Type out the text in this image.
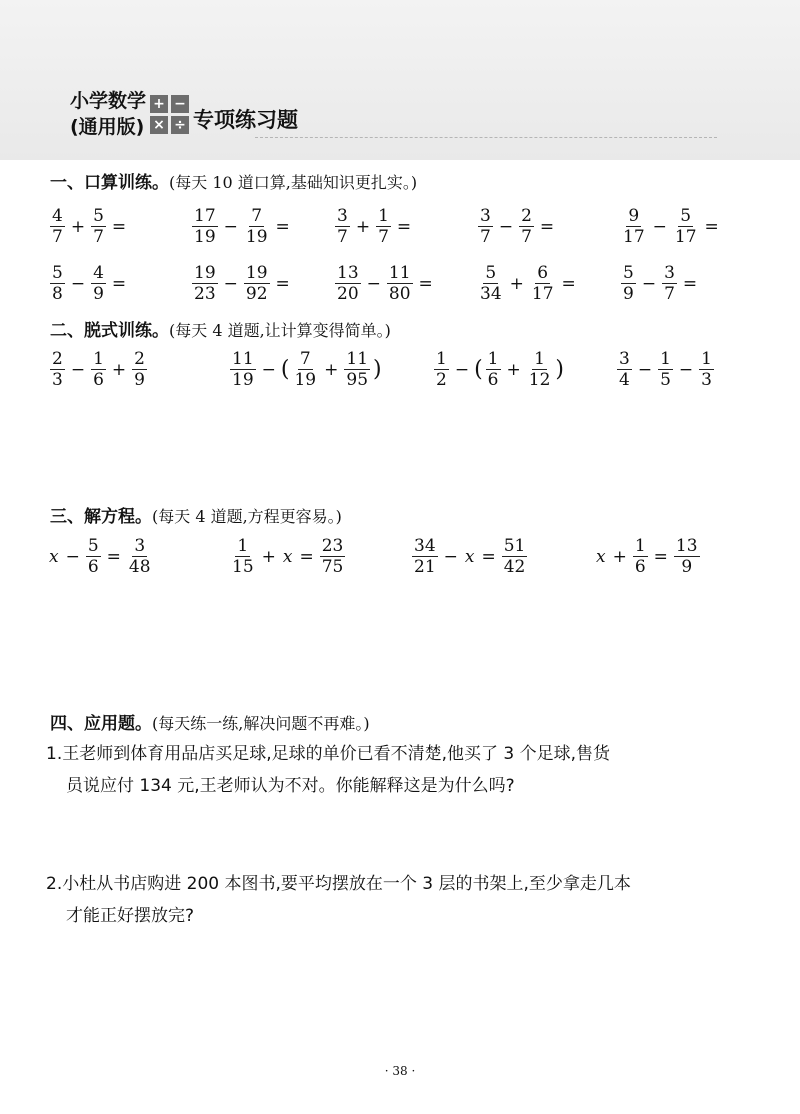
小学数学
(通用版)
+ −
× ÷ 专项练习题
一、口算训练。(每天 10 道口算,基础知识更扎实。)
$\frac{4}{7} + \frac{5}{7}$ =	$\frac{17}{19} - \frac{7}{19}$ =	$\frac{3}{7} + \frac{1}{7}$ =	$\frac{3}{7} - \frac{2}{7}$ =	$\frac{9}{17} - \frac{5}{17}$ =
$\frac{5}{8} - \frac{4}{9}$ =	$\frac{19}{23} - \frac{19}{92}$ =	$\frac{13}{20} - \frac{11}{80}$ =	$\frac{5}{34} + \frac{6}{17}$ =	$\frac{5}{9} - \frac{3}{7}$ =
二、脱式训练。(每天 4 道题,让计算变得简单。)
$\frac{2}{3} - \frac{1}{6} + \frac{2}{9}$	$\frac{11}{19}$ − ( $\frac{7}{19} + \frac{11}{95}$ )	$\frac{1}{2}$ − ( $\frac{1}{6} + \frac{1}{12}$ )	$\frac{3}{4} - \frac{1}{5} - \frac{1}{3}$
三、解方程。(每天 4 道题,方程更容易。)
$x - \frac{5}{6} = \frac{3}{48}$	$\frac{1}{15} + x = \frac{23}{75}$	$\frac{34}{21} - x = \frac{51}{42}$	$x + \frac{1}{6} = \frac{13}{9}$
四、应用题。(每天练一练,解决问题不再难。)
1.王老师到体育用品店买足球,足球的单价已看不清楚,他买了 3 个足球,售货
员说应付 134 元,王老师认为不对。你能解释这是为什么吗?
2.小杜从书店购进 200 本图书,要平均摆放在一个 3 层的书架上,至少拿走几本
才能正好摆放完?
· 38 ·
